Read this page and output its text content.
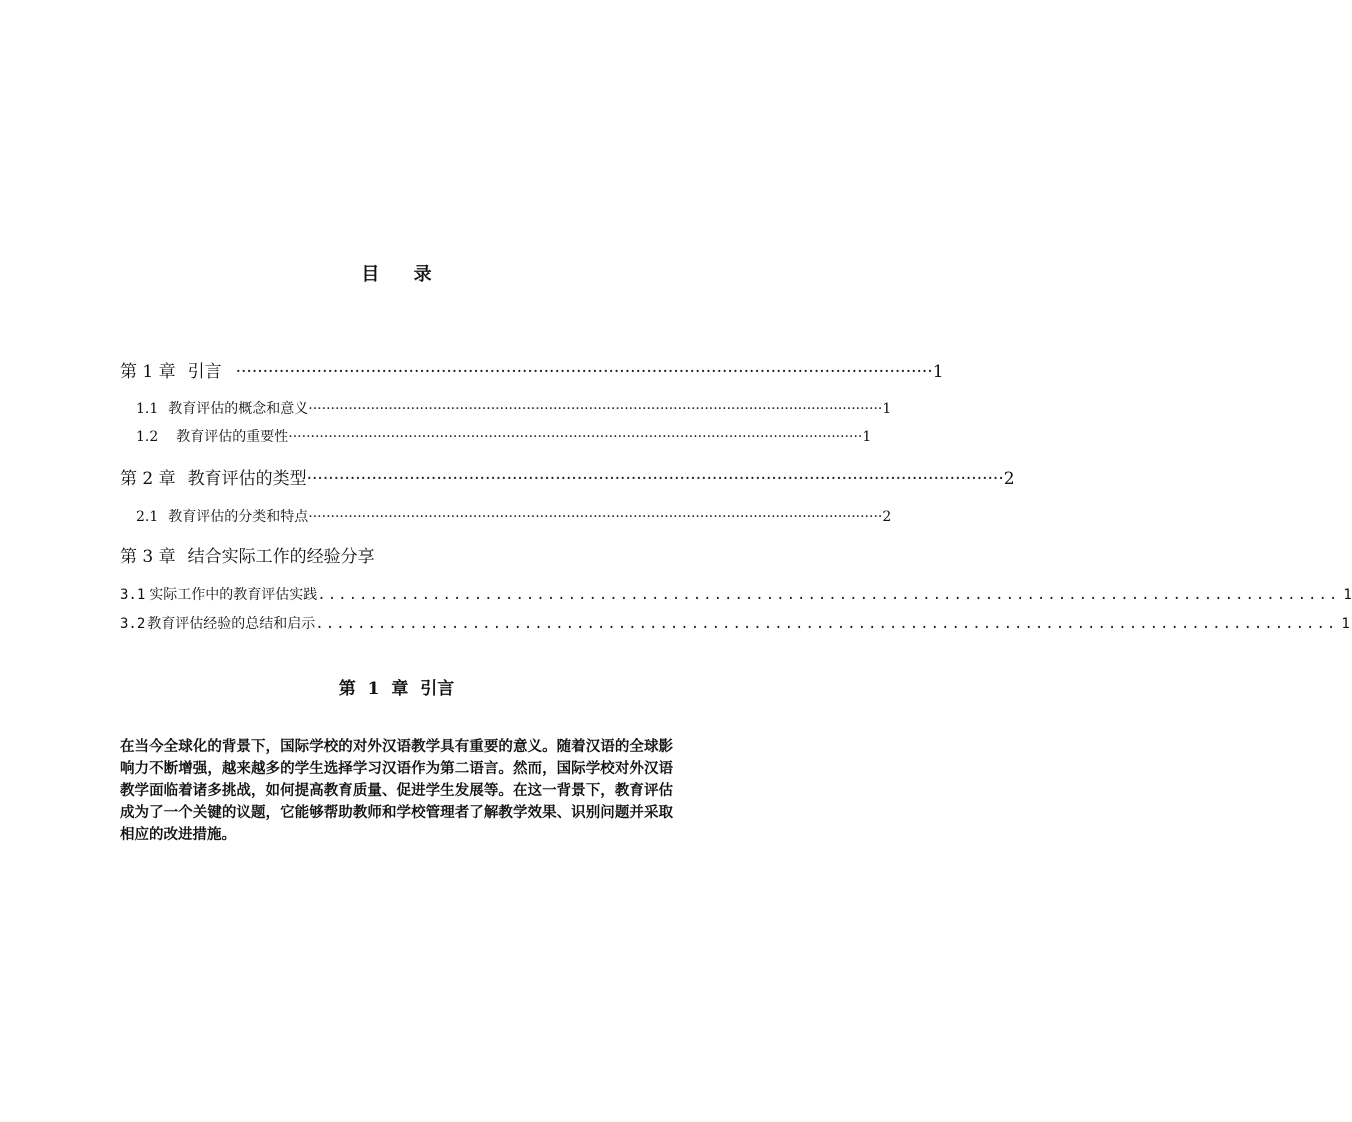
目 录
第 1 章 引言 ································································································································· 1
1.1 教育评估的概念和意义 ································································································································· 1
1.2 教育评估的重要性 ································································································································· 1
第 2 章 教育评估的类型 ································································································································· 2
2.1 教育评估的分类和特点 ································································································································· 2
第 3 章 结合实际工作的经验分享
3.1 实际工作中的教育评估实践 .................................................................................................. 1
3.2 教育评估经验的总结和启示 .................................................................................................. 1
第 1 章 引言
在当今全球化的背景下，国际学校的对外汉语教学具有重要的意义。随着汉语的全球影响力不断增强，越来越多的学生选择学习汉语作为第二语言。然而，国际学校对外汉语教学面临着诸多挑战，如何提高教育质量、促进学生发展等。在这一背景下，教育评估成为了一个关键的议题，它能够帮助教师和学校管理者了解教学效果、识别问题并采取相应的改进措施。
